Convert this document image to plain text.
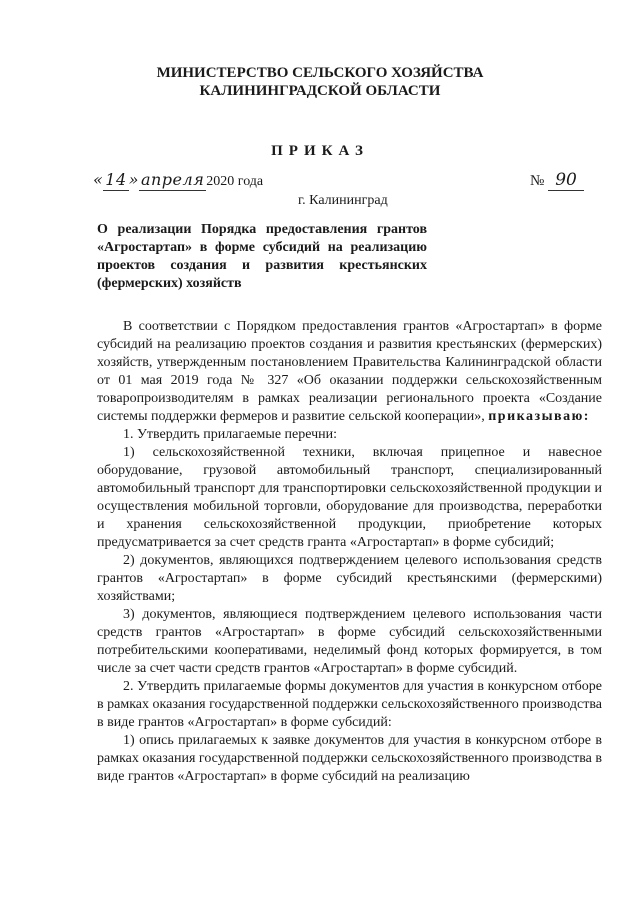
МИНИСТЕРСТВО СЕЛЬСКОГО ХОЗЯЙСТВА
КАЛИНИНГРАДСКОЙ ОБЛАСТИ
ПРИКАЗ
« 14 » апреля 2020 года	№ 90
г. Калининград
О реализации Порядка предоставления грантов «Агростартап» в форме субсидий на реализацию проектов создания и развития крестьянских (фермерских) хозяйств

В соответствии с Порядком предоставления грантов «Агростартап» в форме субсидий на реализацию проектов создания и развития крестьянских (фермерских) хозяйств, утвержденным постановлением Правительства Калининградской области от 01 мая 2019 года № 327 «Об оказании поддержки сельскохозяйственным товаропроизводителям в рамках реализации регионального проекта «Создание системы поддержки фермеров и развитие сельской кооперации», приказываю:

1. Утвердить прилагаемые перечни:

1) сельскохозяйственной техники, включая прицепное и навесное оборудование, грузовой автомобильный транспорт, специализированный автомобильный транспорт для транспортировки сельскохозяйственной продукции и осуществления мобильной торговли, оборудование для производства, переработки и хранения сельскохозяйственной продукции, приобретение которых предусматривается за счет средств гранта «Агростартап» в форме субсидий;

2) документов, являющихся подтверждением целевого использования средств грантов «Агростартап» в форме субсидий крестьянскими (фермерскими) хозяйствами;

3) документов, являющиеся подтверждением целевого использования части средств грантов «Агростартап» в форме субсидий сельскохозяйственными потребительскими кооперативами, неделимый фонд которых формируется, в том числе за счет части средств грантов «Агростартап» в форме субсидий.

2. Утвердить прилагаемые формы документов для участия в конкурсном отборе в рамках оказания государственной поддержки сельскохозяйственного производства в виде грантов «Агростартап» в форме субсидий:

1) опись прилагаемых к заявке документов для участия в конкурсном отборе в рамках оказания государственной поддержки сельскохозяйственного производства в виде грантов «Агростартап» в форме субсидий на реализацию
